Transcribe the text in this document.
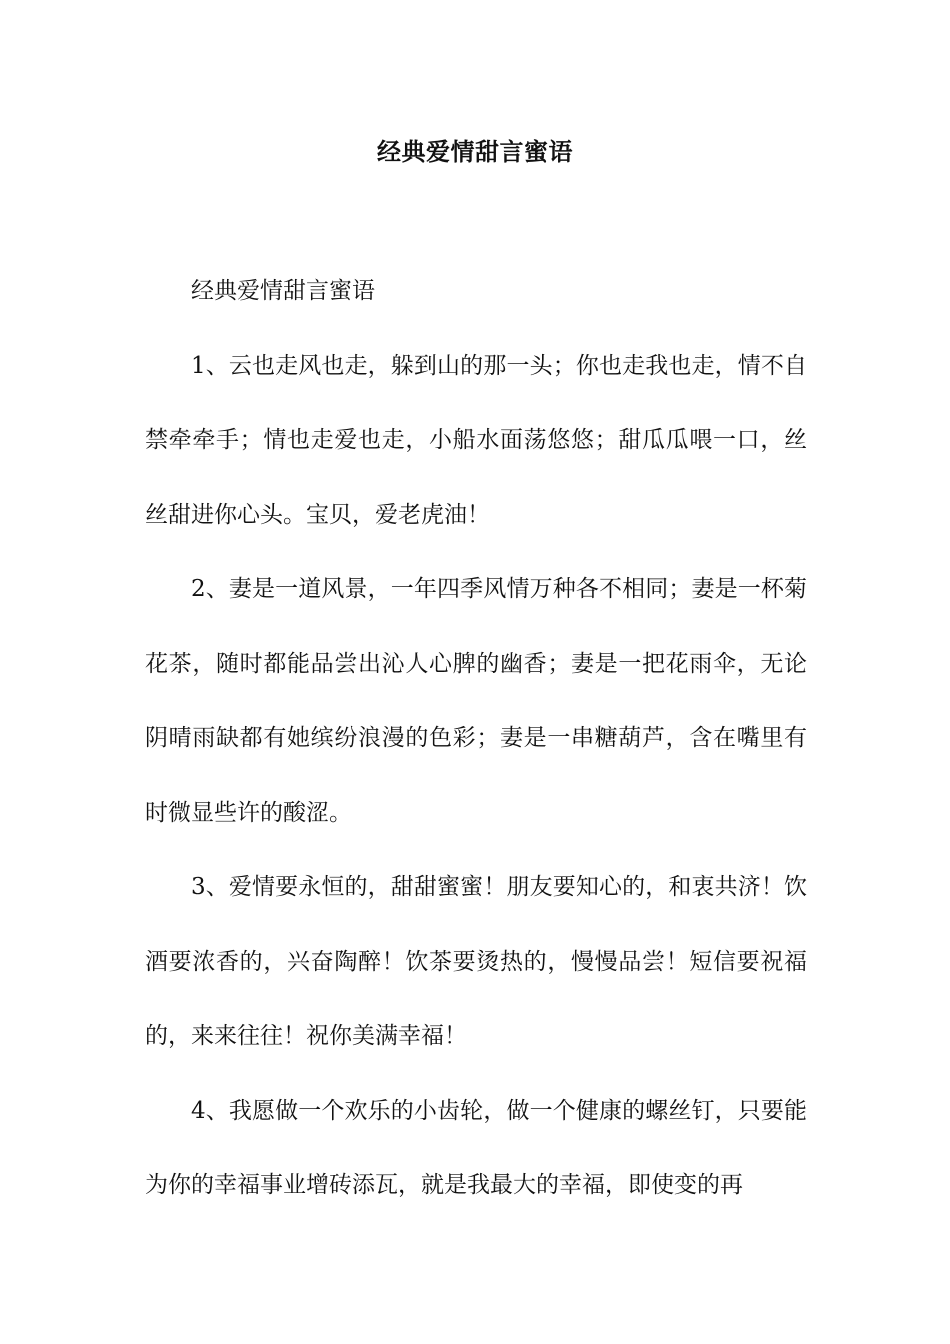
经典爱情甜言蜜语

经典爱情甜言蜜语

1、云也走风也走，躲到山的那一头；你也走我也走，情不自禁牵牵手；情也走爱也走，小船水面荡悠悠；甜瓜瓜喂一口，丝丝甜进你心头。宝贝，爱老虎油！

2、妻是一道风景，一年四季风情万种各不相同；妻是一杯菊花茶，随时都能品尝出沁人心脾的幽香；妻是一把花雨伞，无论阴晴雨缺都有她缤纷浪漫的色彩；妻是一串糖葫芦，含在嘴里有时微显些许的酸涩。

3、爱情要永恒的，甜甜蜜蜜！朋友要知心的，和衷共济！饮酒要浓香的，兴奋陶醉！饮茶要烫热的，慢慢品尝！短信要祝福的，来来往往！祝你美满幸福！

4、我愿做一个欢乐的小齿轮，做一个健康的螺丝钉，只要能为你的幸福事业增砖添瓦，就是我最大的幸福，即使变的再
